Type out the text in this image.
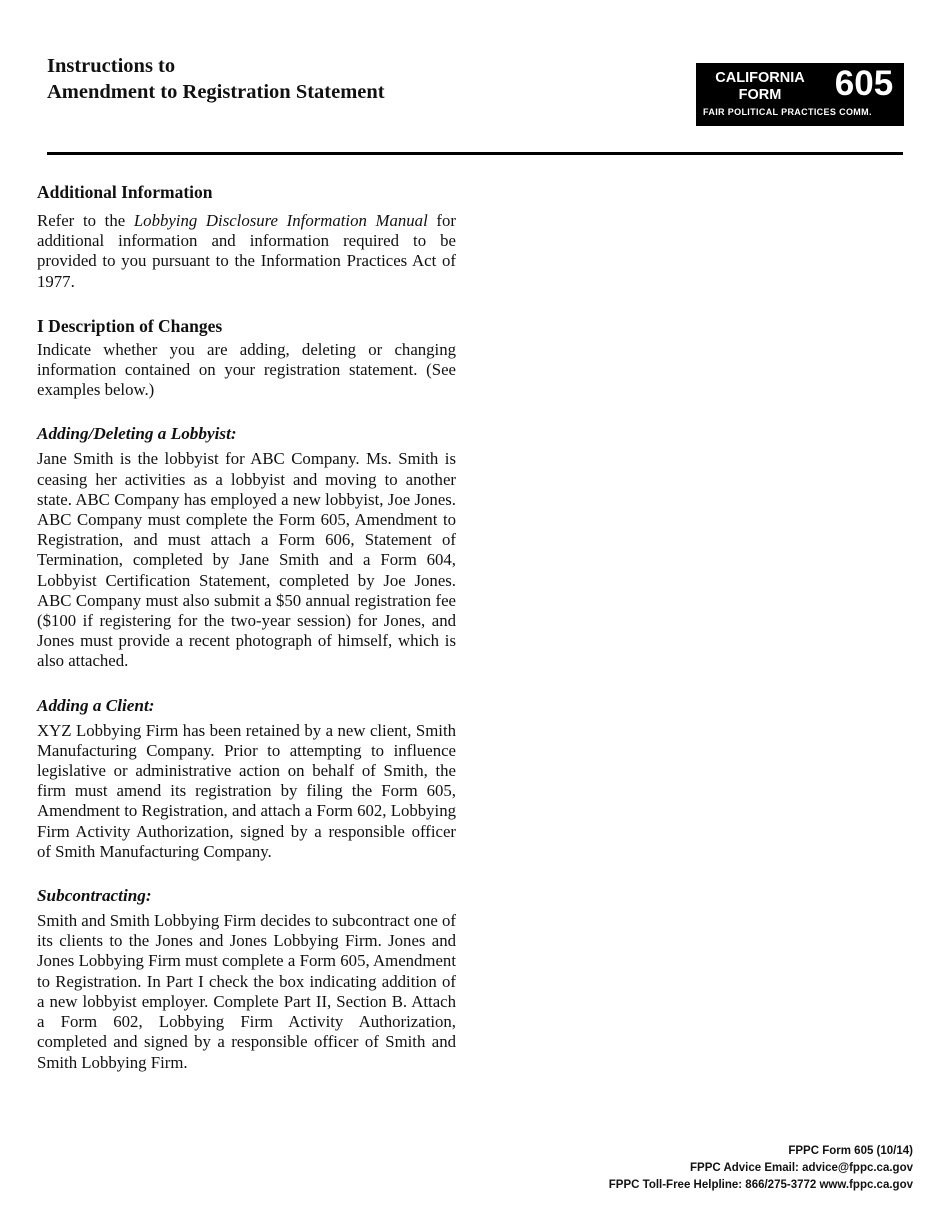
Instructions to
Amendment to Registration Statement
CALIFORNIA
FORM	605
FAIR POLITICAL PRACTICES COMM.
Additional Information

Refer to the Lobbying Disclosure Information Manual for additional information and information required to be provided to you pursuant to the Information Practices Act of 1977.

I Description of Changes

Indicate whether you are adding, deleting or changing information contained on your registration statement. (See examples below.)

Adding/Deleting a Lobbyist:

Jane Smith is the lobbyist for ABC Company. Ms. Smith is ceasing her activities as a lobbyist and moving to another state. ABC Company has employed a new lobbyist, Joe Jones. ABC Company must complete the Form 605, Amendment to Registration, and must attach a Form 606, Statement of Termination, completed by Jane Smith and a Form 604, Lobbyist Certification Statement, completed by Joe Jones. ABC Company must also submit a $50 annual registration fee ($100 if registering for the two-year session) for Jones, and Jones must provide a recent photograph of himself, which is also attached.

Adding a Client:

XYZ Lobbying Firm has been retained by a new client, Smith Manufacturing Company. Prior to attempting to influence legislative or administrative action on behalf of Smith, the firm must amend its registration by filing the Form 605, Amendment to Registration, and attach a Form 602, Lobbying Firm Activity Authorization, signed by a responsible officer of Smith Manufacturing Company.

Subcontracting:

Smith and Smith Lobbying Firm decides to subcontract one of its clients to the Jones and Jones Lobbying Firm. Jones and Jones Lobbying Firm must complete a Form 605, Amendment to Registration. In Part I check the box indicating addition of a new lobbyist employer. Complete Part II, Section B. Attach a Form 602, Lobbying Firm Activity Authorization, completed and signed by a responsible officer of Smith and Smith Lobbying Firm.

FPPC Form 605 (10/14)
FPPC Advice Email: advice@fppc.ca.gov
FPPC Toll-Free Helpline: 866/275-3772 www.fppc.ca.gov
